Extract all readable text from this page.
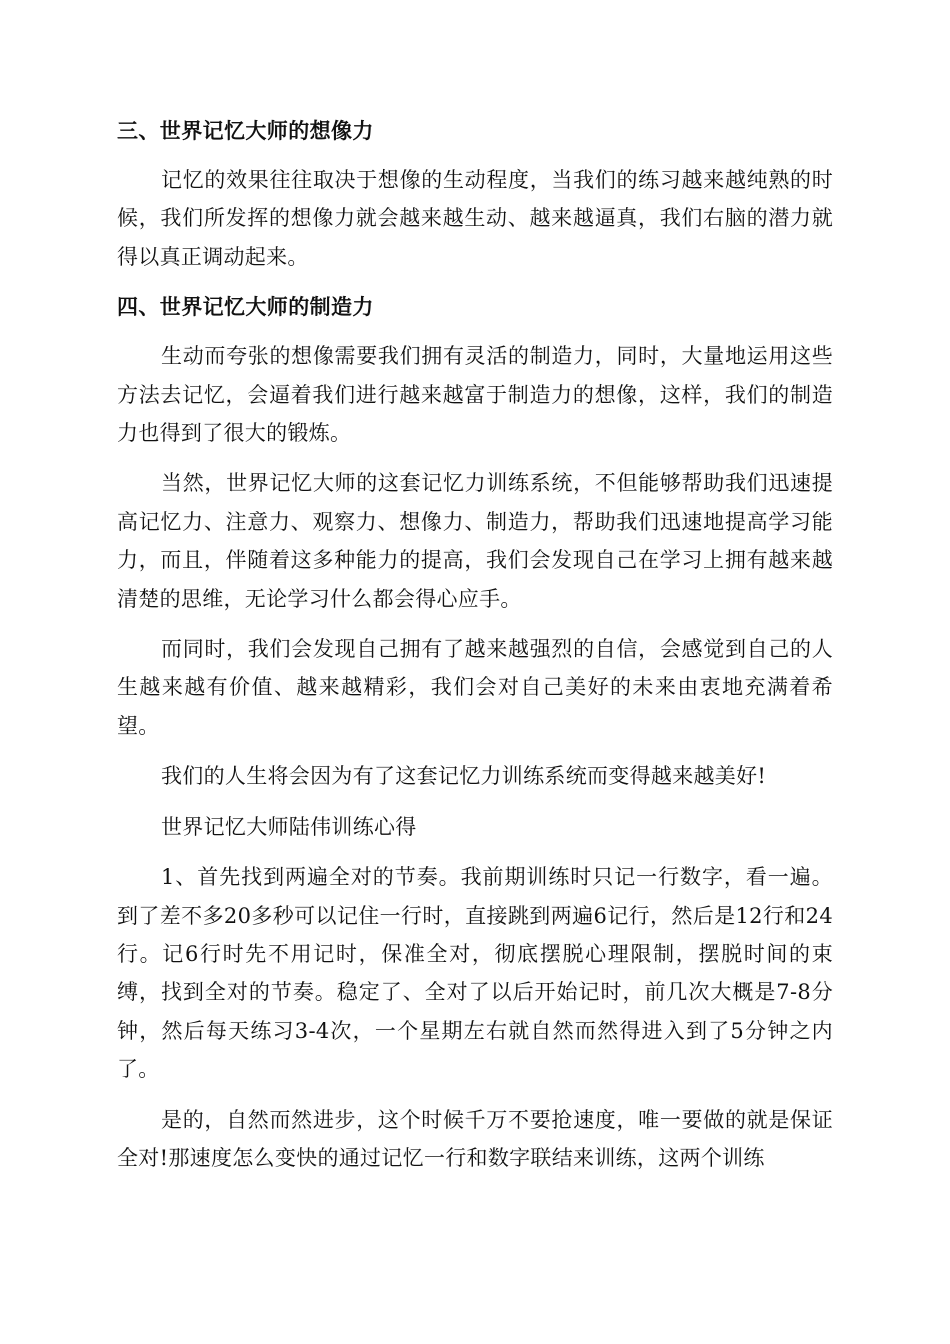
三、世界记忆大师的想像力

记忆的效果往往取决于想像的生动程度，当我们的练习越来越纯熟的时候，我们所发挥的想像力就会越来越生动、越来越逼真，我们右脑的潜力就得以真正调动起来。

四、世界记忆大师的制造力

生动而夸张的想像需要我们拥有灵活的制造力，同时，大量地运用这些方法去记忆，会逼着我们进行越来越富于制造力的想像，这样，我们的制造力也得到了很大的锻炼。

当然，世界记忆大师的这套记忆力训练系统，不但能够帮助我们迅速提高记忆力、注意力、观察力、想像力、制造力，帮助我们迅速地提高学习能力，而且，伴随着这多种能力的提高，我们会发现自己在学习上拥有越来越清楚的思维，无论学习什么都会得心应手。

而同时，我们会发现自己拥有了越来越强烈的自信，会感觉到自己的人生越来越有价值、越来越精彩，我们会对自己美好的未来由衷地充满着希望。

我们的人生将会因为有了这套记忆力训练系统而变得越来越美好!

世界记忆大师陆伟训练心得

1、首先找到两遍全对的节奏。我前期训练时只记一行数字，看一遍。到了差不多20多秒可以记住一行时，直接跳到两遍6记行，然后是12行和24行。记6行时先不用记时，保准全对，彻底摆脱心理限制，摆脱时间的束缚，找到全对的节奏。稳定了、全对了以后开始记时，前几次大概是7-8分钟，然后每天练习3-4次，一个星期左右就自然而然得进入到了5分钟之内了。

是的，自然而然进步，这个时候千万不要抢速度，唯一要做的就是保证全对!那速度怎么变快的通过记忆一行和数字联结来训练，这两个训练
